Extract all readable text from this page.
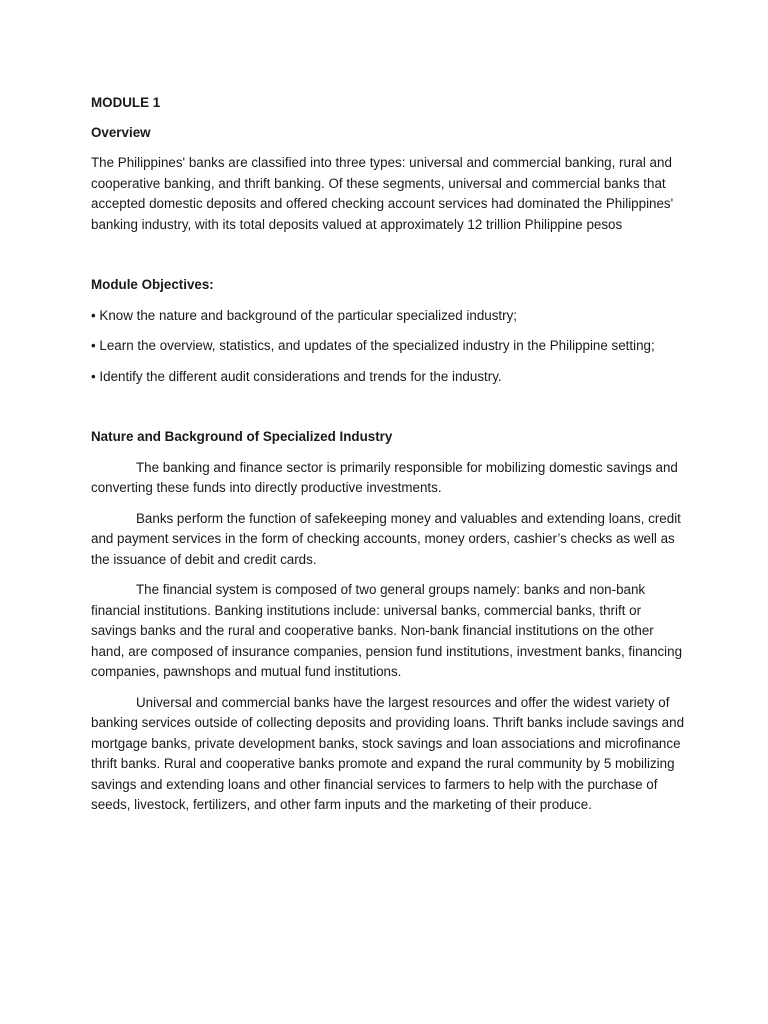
MODULE 1

Overview

The Philippines' banks are classified into three types: universal and commercial banking, rural and cooperative banking, and thrift banking. Of these segments, universal and commercial banks that accepted domestic deposits and offered checking account services had dominated the Philippines' banking industry, with its total deposits valued at approximately 12 trillion Philippine pesos

Module Objectives:

• Know the nature and background of the particular specialized industry;
• Learn the overview, statistics, and updates of the specialized industry in the Philippine setting;
• Identify the different audit considerations and trends for the industry.

Nature and Background of Specialized Industry

The banking and finance sector is primarily responsible for mobilizing domestic savings and converting these funds into directly productive investments.

Banks perform the function of safekeeping money and valuables and extending loans, credit and payment services in the form of checking accounts, money orders, cashier’s checks as well as the issuance of debit and credit cards.

The financial system is composed of two general groups namely: banks and non-bank financial institutions. Banking institutions include: universal banks, commercial banks, thrift or savings banks and the rural and cooperative banks. Non-bank financial institutions on the other hand, are composed of insurance companies, pension fund institutions, investment banks, financing companies, pawnshops and mutual fund institutions.

Universal and commercial banks have the largest resources and offer the widest variety of banking services outside of collecting deposits and providing loans. Thrift banks include savings and mortgage banks, private development banks, stock savings and loan associations and microfinance thrift banks. Rural and cooperative banks promote and expand the rural community by 5 mobilizing savings and extending loans and other financial services to farmers to help with the purchase of seeds, livestock, fertilizers, and other farm inputs and the marketing of their produce.
